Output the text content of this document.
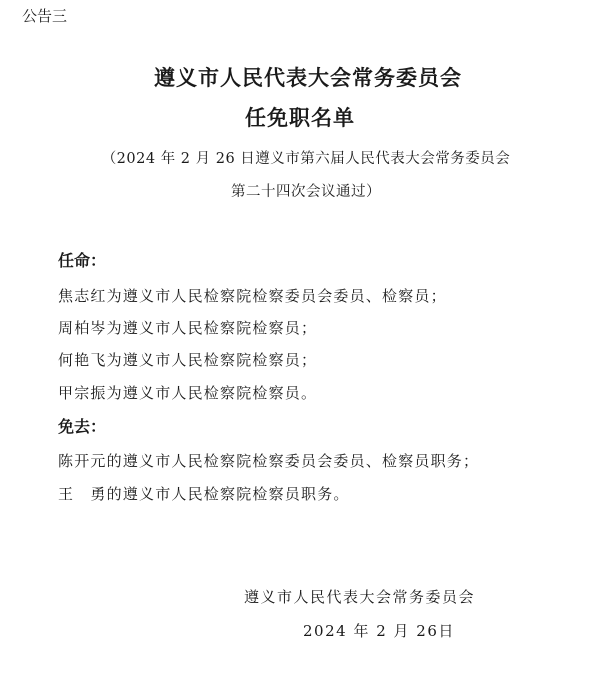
公告三
遵义市人民代表大会常务委员会
任免职名单
（2024 年 2 月 26 日遵义市第六届人民代表大会常务委员会
第二十四次会议通过）
任命：
焦志红为遵义市人民检察院检察委员会委员、检察员；
周柏岑为遵义市人民检察院检察员；
何艳飞为遵义市人民检察院检察员；
甲宗振为遵义市人民检察院检察员。
免去：
陈开元的遵义市人民检察院检察委员会委员、检察员职务；
王　勇的遵义市人民检察院检察员职务。
遵义市人民代表大会常务委员会
2024 年 2 月 26日
